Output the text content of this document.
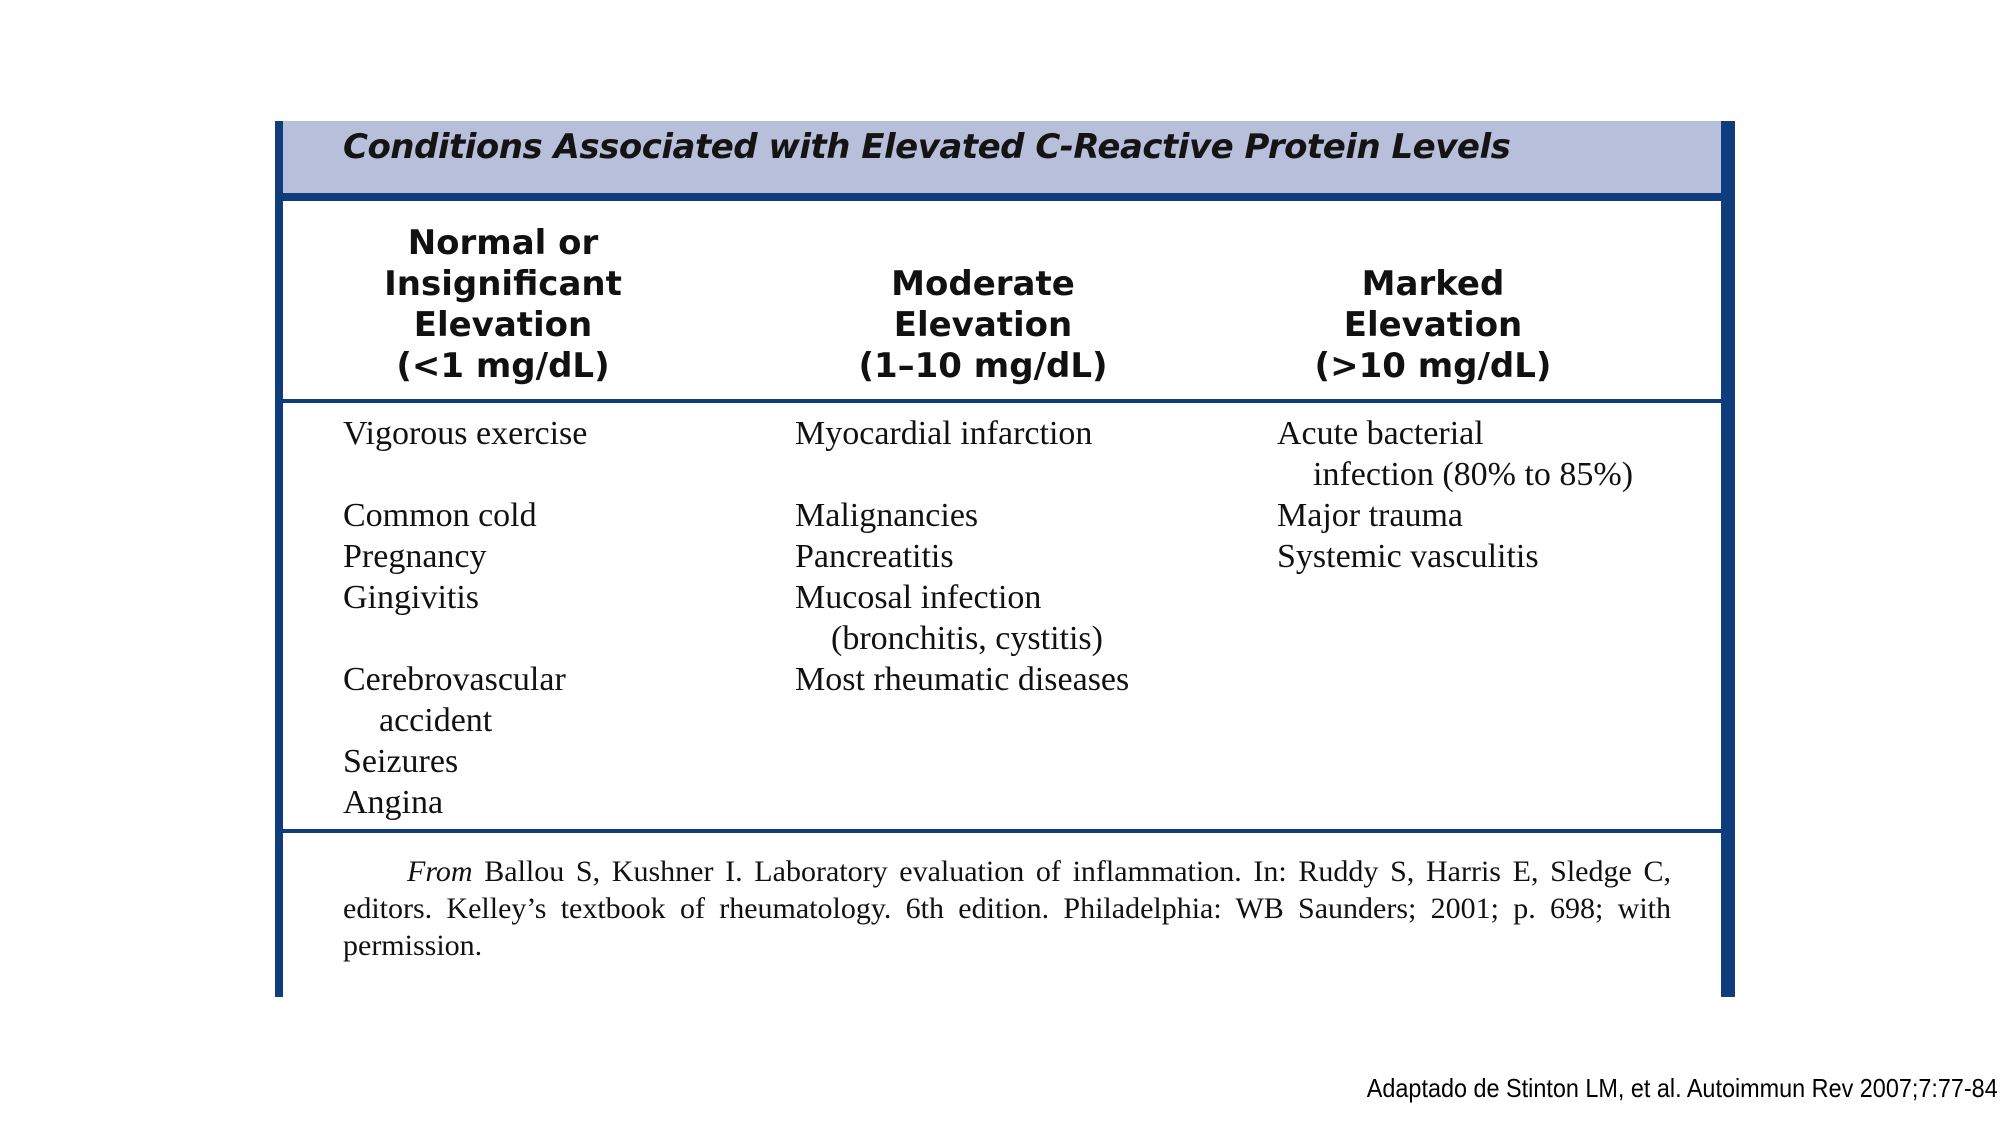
Conditions Associated with Elevated C-Reactive Protein Levels
Normal or
Insignificant
Elevation
(<1 mg/dL)
Moderate
Elevation
(1–10 mg/dL)
Marked
Elevation
(>10 mg/dL)
Vigorous exercise
Common cold
Pregnancy
Gingivitis
Cerebrovascular
accident
Seizures
Angina
Myocardial infarction
Malignancies
Pancreatitis
Mucosal infection
(bronchitis, cystitis)
Most rheumatic diseases
Acute bacterial
infection (80% to 85%)
Major trauma
Systemic vasculitis
From Ballou S, Kushner I. Laboratory evaluation of inflammation. In: Ruddy S, Harris E, Sledge C, editors. Kelley’s textbook of rheumatology. 6th edition. Philadelphia: WB Saunders; 2001; p. 698; with permission.
Adaptado de Stinton LM, et al. Autoimmun Rev 2007;7:77-84
